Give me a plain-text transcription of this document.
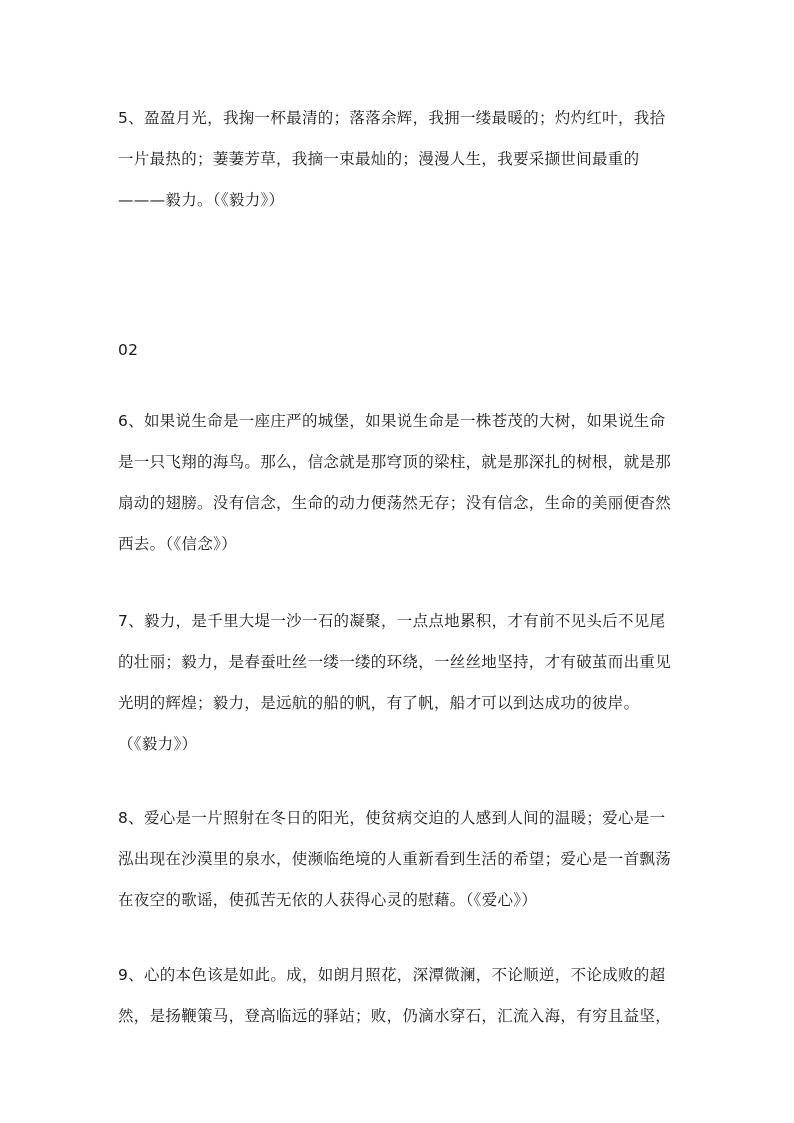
5、盈盈月光，我掬一杯最清的；落落余辉，我拥一缕最暖的；灼灼红叶，我拾
一片最热的；萋萋芳草，我摘一束最灿的；漫漫人生，我要采撷世间最重的
———毅力。（《毅力》）
02
6、如果说生命是一座庄严的城堡，如果说生命是一株苍茂的大树，如果说生命
是一只飞翔的海鸟。那么，信念就是那穹顶的梁柱，就是那深扎的树根，就是那
扇动的翅膀。没有信念，生命的动力便荡然无存；没有信念，生命的美丽便杳然
西去。（《信念》）
7、毅力，是千里大堤一沙一石的凝聚，一点点地累积，才有前不见头后不见尾
的壮丽；毅力，是春蚕吐丝一缕一缕的环绕，一丝丝地坚持，才有破茧而出重见
光明的辉煌；毅力，是远航的船的帆，有了帆，船才可以到达成功的彼岸。
（《毅力》）
8、爱心是一片照射在冬日的阳光，使贫病交迫的人感到人间的温暖；爱心是一
泓出现在沙漠里的泉水，使濒临绝境的人重新看到生活的希望；爱心是一首飘荡
在夜空的歌谣，使孤苦无依的人获得心灵的慰藉。（《爱心》）
9、心的本色该是如此。成，如朗月照花，深潭微澜，不论顺逆，不论成败的超
然，是扬鞭策马，登高临远的驿站；败，仍滴水穿石，汇流入海，有穷且益坚，
